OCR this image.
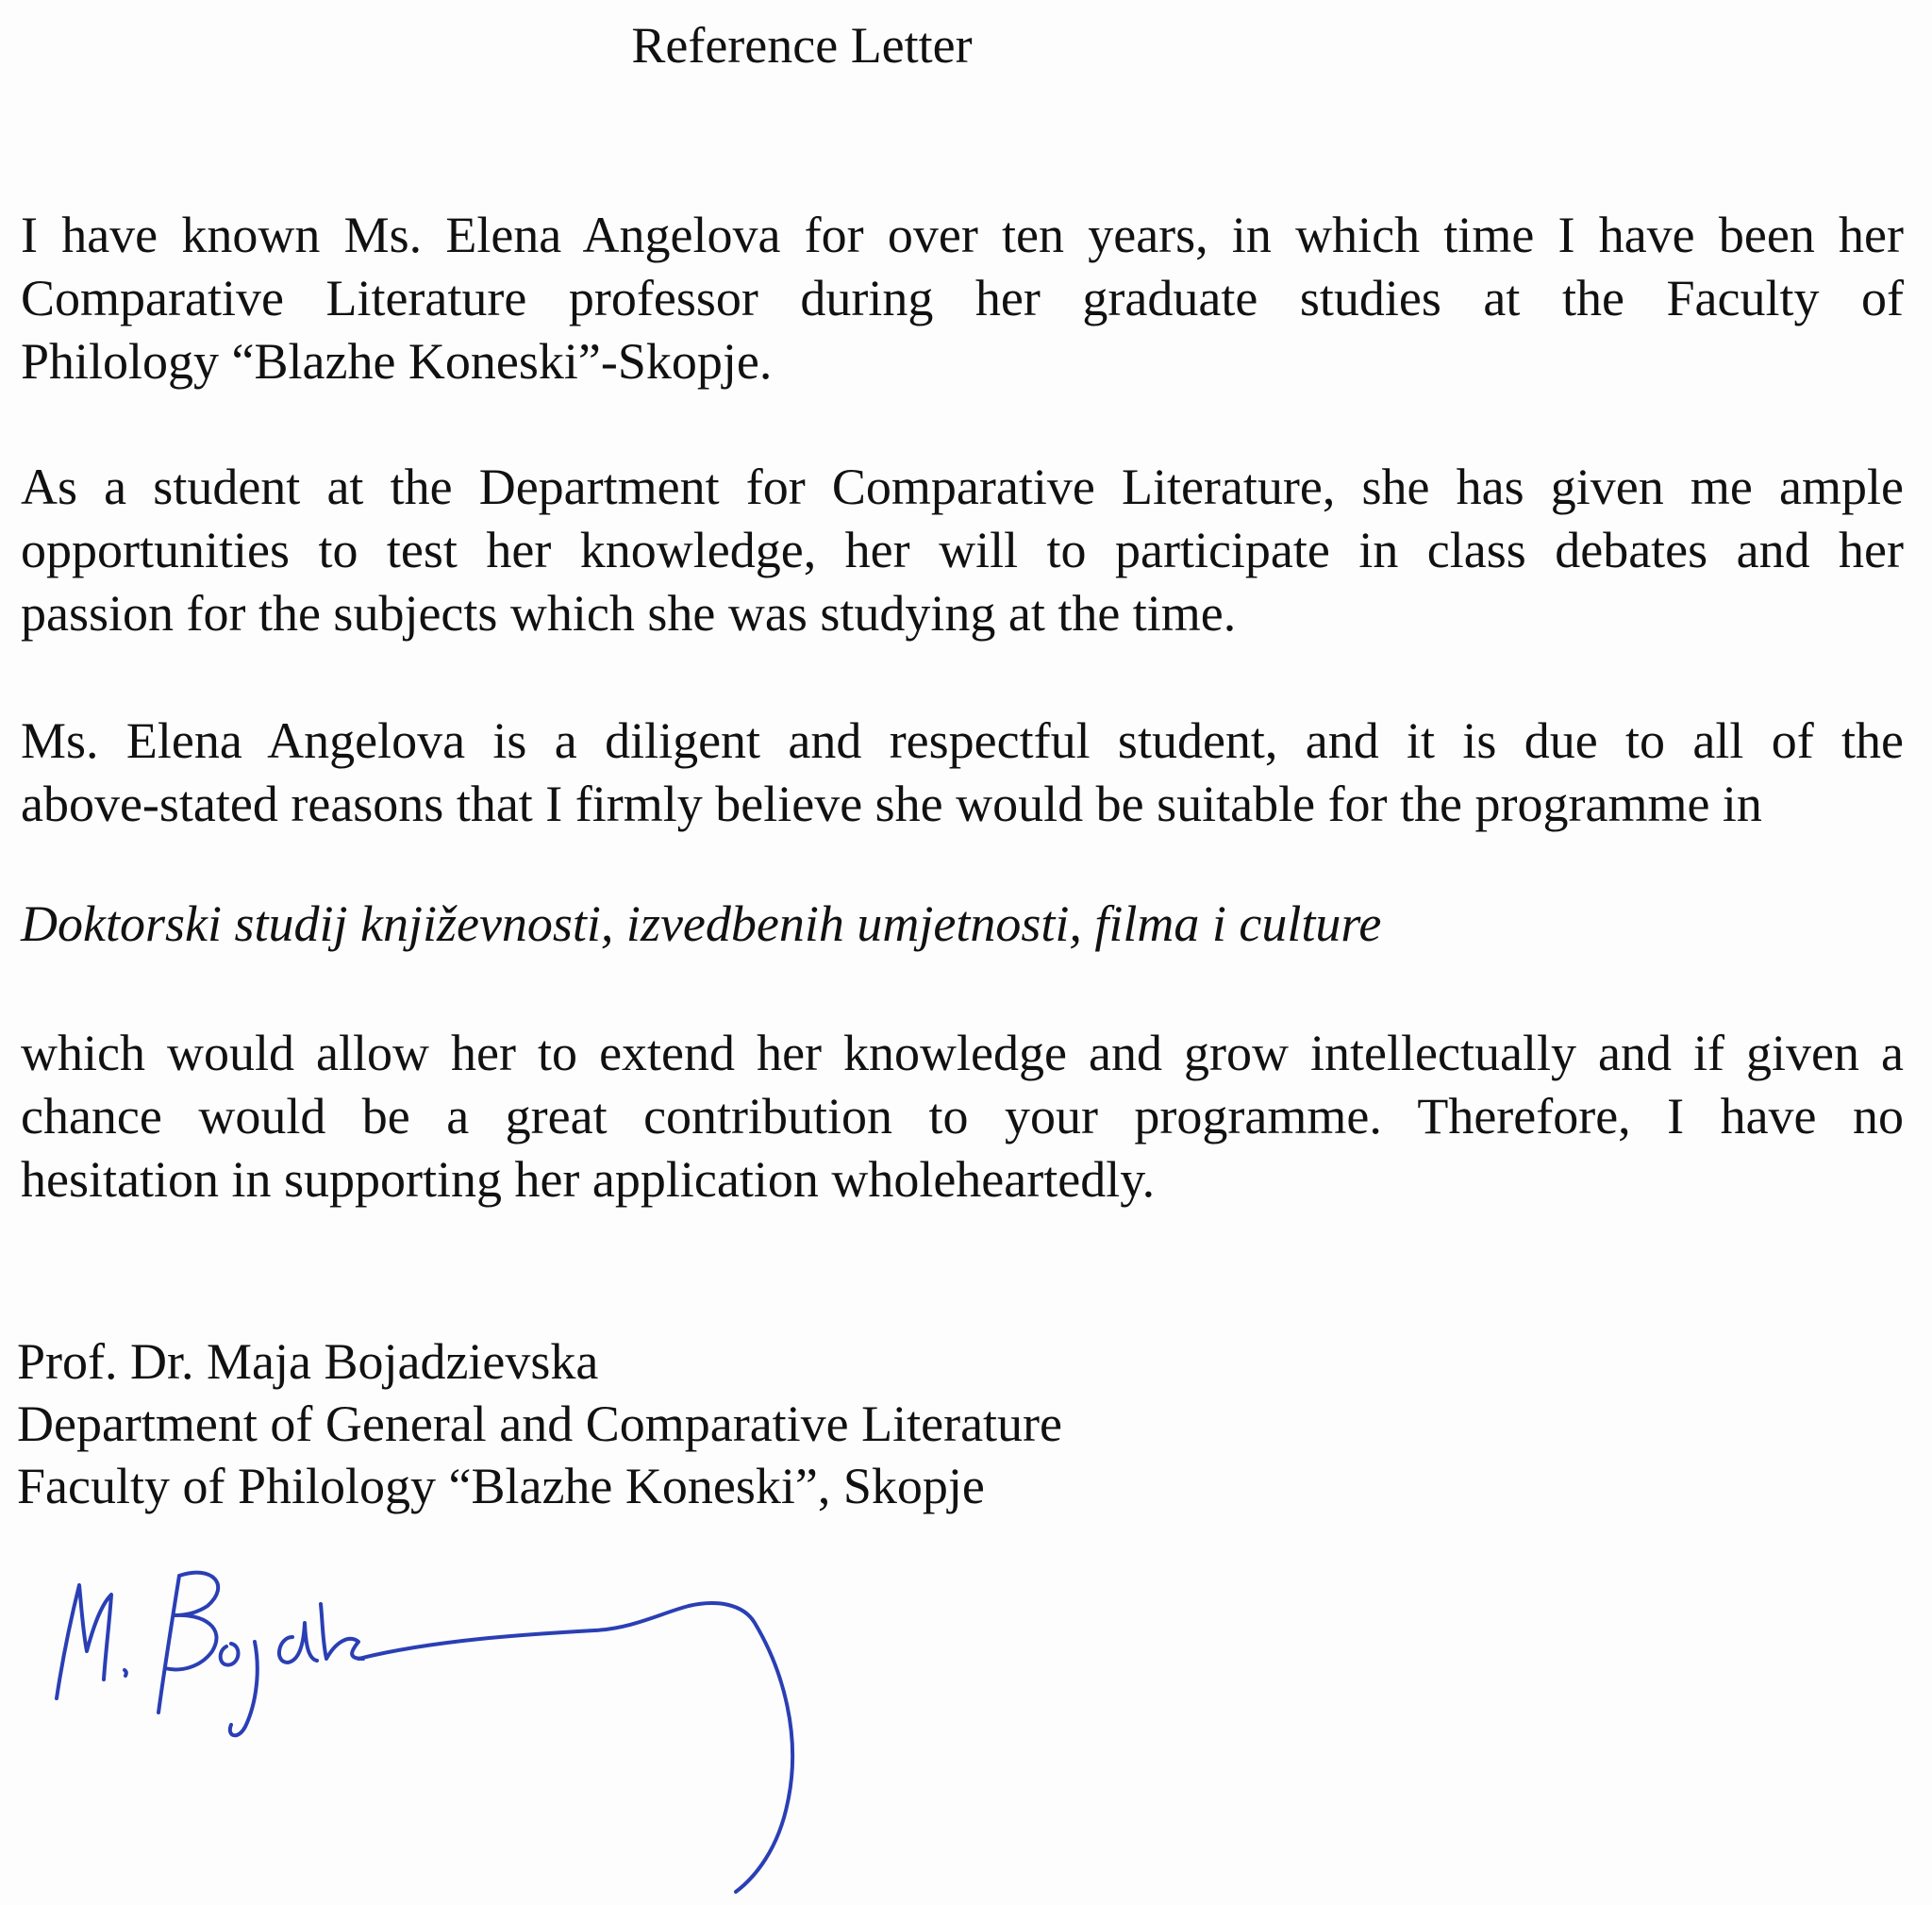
Reference Letter
I have known Ms. Elena Angelova for over ten years, in which time I have been her
Comparative Literature professor during her graduate studies at the Faculty of
Philology “Blazhe Koneski”-Skopje.
As a student at the Department for Comparative Literature, she has given me ample
opportunities to test her knowledge, her will to participate in class debates and her
passion for the subjects which she was studying at the time.
Ms. Elena Angelova is a diligent and respectful student, and it is due to all of the
above-stated reasons that I firmly believe she would be suitable for the programme in
Doktorski studij književnosti, izvedbenih umjetnosti, filma i culture
which would allow her to extend her knowledge and grow intellectually and if given a
chance would be a great contribution to your programme. Therefore, I have no
hesitation in supporting her application wholeheartedly.
Prof. Dr. Maja Bojadzievska
Department of General and Comparative Literature
Faculty of Philology “Blazhe Koneski”, Skopje
